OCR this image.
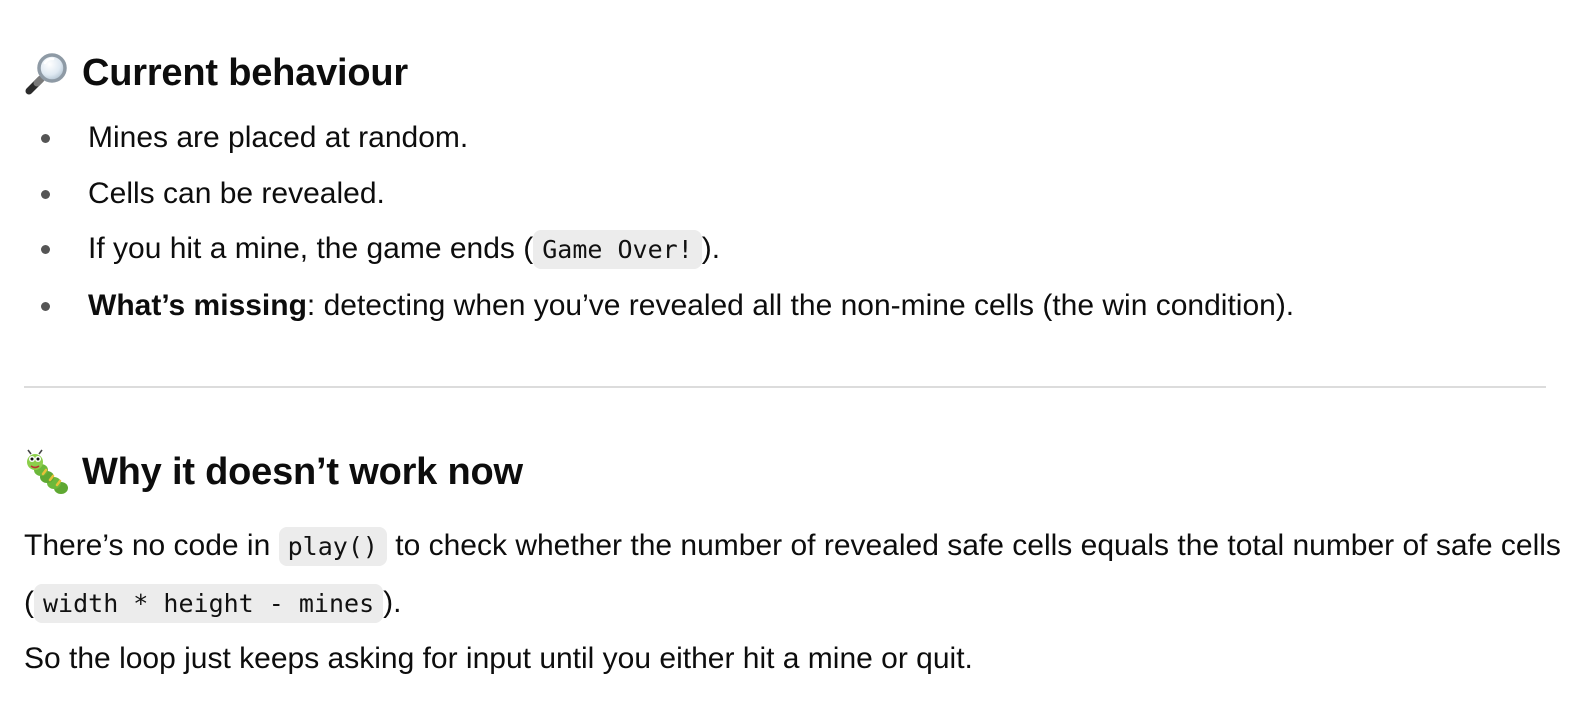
Current behaviour
Mines are placed at random.
Cells can be revealed.
If you hit a mine, the game ends ( Game Over! ).
What’s missing: detecting when you’ve revealed all the non-mine cells (the win condition).
Why it doesn’t work now
There’s no code in play() to check whether the number of revealed safe cells equals the total number of safe cells ( width * height - mines ).
So the loop just keeps asking for input until you either hit a mine or quit.
